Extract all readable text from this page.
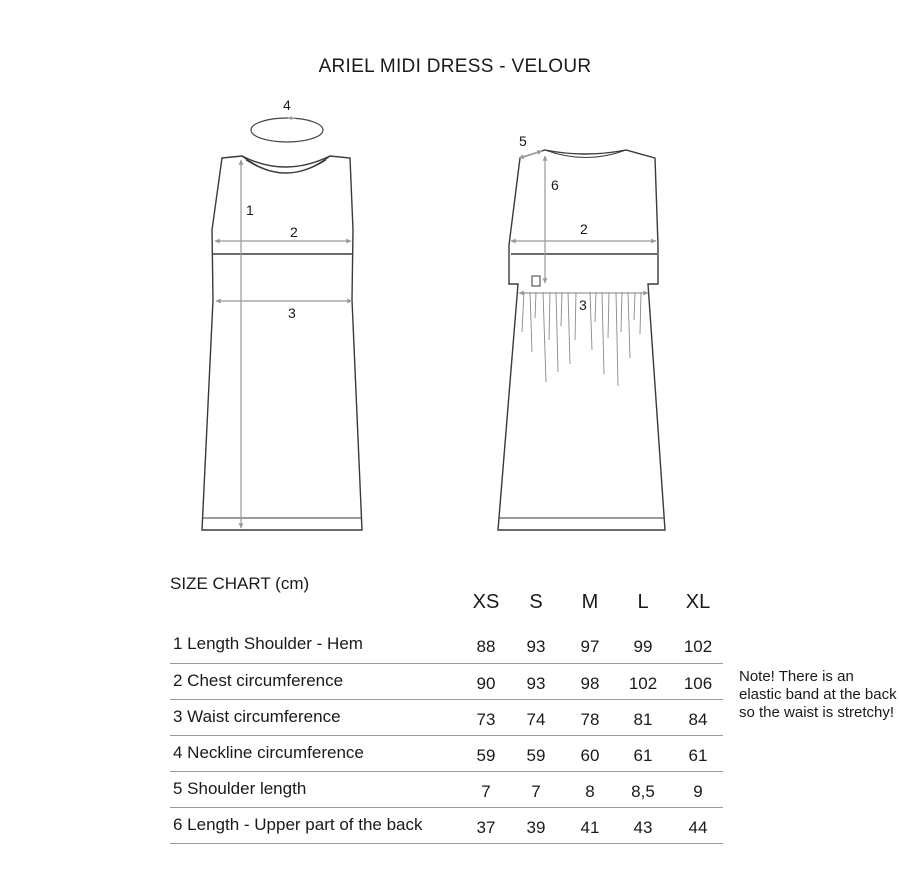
ARIEL MIDI DRESS - VELOUR
4
1
2
3
5
6
2
3
SIZE CHART (cm)
XS	S	M	L	XL
1 Length Shoulder - Hem	88	93	97	99	102
2 Chest circumference	90	93	98	102	106
3 Waist circumference	73	74	78	81	84
4 Neckline circumference	59	59	60	61	61
5 Shoulder length	7	7	8	8,5	9
6 Length - Upper part of the back	37	39	41	43	44
Note! There is an elastic band at the back so the waist is stretchy!
